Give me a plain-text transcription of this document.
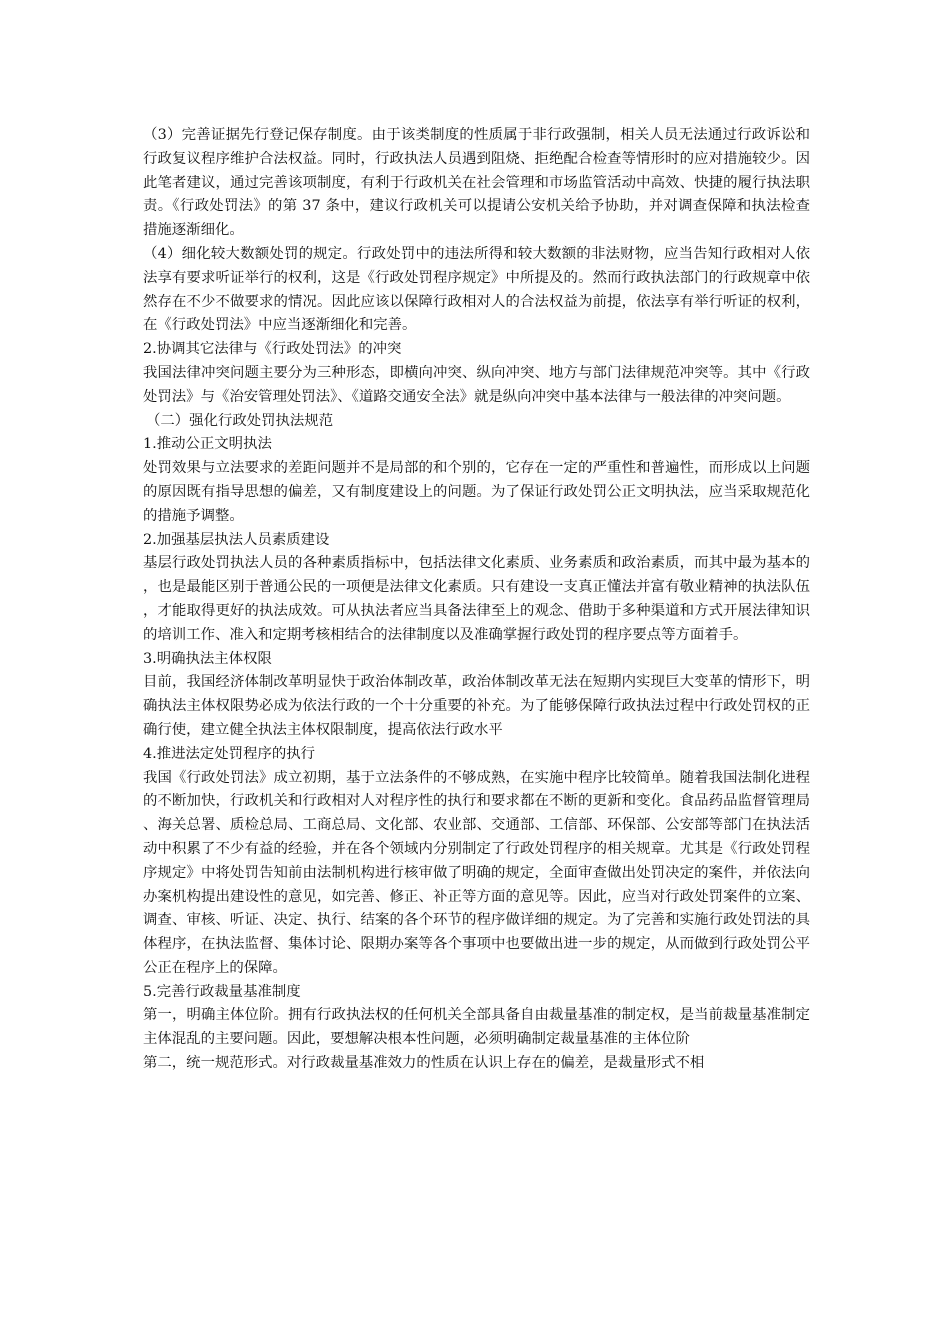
（3）完善证据先行登记保存制度。由于该类制度的性质属于非行政强制，相关人员无法通过行政诉讼和行政复议程序维护合法权益。同时，行政执法人员遇到阻烧、拒绝配合检查等情形时的应对措施较少。因此笔者建议，通过完善该项制度，有利于行政机关在社会管理和市场监管活动中高效、快捷的履行执法职责。《行政处罚法》的第 37 条中，建议行政机关可以提请公安机关给予协助，并对调查保障和执法检查措施逐渐细化。

（4）细化较大数额处罚的规定。行政处罚中的违法所得和较大数额的非法财物，应当告知行政相对人依法享有要求听证举行的权利，这是《行政处罚程序规定》中所提及的。然而行政执法部门的行政规章中依然存在不少不做要求的情况。因此应该以保障行政相对人的合法权益为前提，依法享有举行听证的权利，在《行政处罚法》中应当逐渐细化和完善。

2.协调其它法律与《行政处罚法》的冲突

我国法律冲突问题主要分为三种形态，即横向冲突、纵向冲突、地方与部门法律规范冲突等。其中《行政处罚法》与《治安管理处罚法》、《道路交通安全法》就是纵向冲突中基本法律与一般法律的冲突问题。

（二）强化行政处罚执法规范

1.推动公正文明执法

处罚效果与立法要求的差距问题并不是局部的和个别的，它存在一定的严重性和普遍性，而形成以上问题的原因既有指导思想的偏差，又有制度建设上的问题。为了保证行政处罚公正文明执法，应当采取规范化的措施予调整。

2.加强基层执法人员素质建设

基层行政处罚执法人员的各种素质指标中，包括法律文化素质、业务素质和政治素质，而其中最为基本的，也是最能区别于普通公民的一项便是法律文化素质。只有建设一支真正懂法并富有敬业精神的执法队伍，才能取得更好的执法成效。可从执法者应当具备法律至上的观念、借助于多种渠道和方式开展法律知识的培训工作、准入和定期考核相结合的法律制度以及准确掌握行政处罚的程序要点等方面着手。

3.明确执法主体权限

目前，我国经济体制改革明显快于政治体制改革，政治体制改革无法在短期内实现巨大变革的情形下，明确执法主体权限势必成为依法行政的一个十分重要的补充。为了能够保障行政执法过程中行政处罚权的正确行使，建立健全执法主体权限制度，提高依法行政水平

4.推进法定处罚程序的执行

我国《行政处罚法》成立初期，基于立法条件的不够成熟，在实施中程序比较简单。随着我国法制化进程的不断加快，行政机关和行政相对人对程序性的执行和要求都在不断的更新和变化。食品药品监督管理局、海关总署、质检总局、工商总局、文化部、农业部、交通部、工信部、环保部、公安部等部门在执法活动中积累了不少有益的经验，并在各个领域内分别制定了行政处罚程序的相关规章。尤其是《行政处罚程序规定》中将处罚告知前由法制机构进行核审做了明确的规定，全面审查做出处罚决定的案件，并依法向办案机构提出建设性的意见，如完善、修正、补正等方面的意见等。因此，应当对行政处罚案件的立案、调查、审核、听证、决定、执行、结案的各个环节的程序做详细的规定。为了完善和实施行政处罚法的具体程序，在执法监督、集体讨论、限期办案等各个事项中也要做出进一步的规定，从而做到行政处罚公平公正在程序上的保障。

5.完善行政裁量基准制度

第一，明确主体位阶。拥有行政执法权的任何机关全部具备自由裁量基准的制定权，是当前裁量基准制定主体混乱的主要问题。因此，要想解决根本性问题，必须明确制定裁量基准的主体位阶

第二，统一规范形式。对行政裁量基准效力的性质在认识上存在的偏差，是裁量形式不相
